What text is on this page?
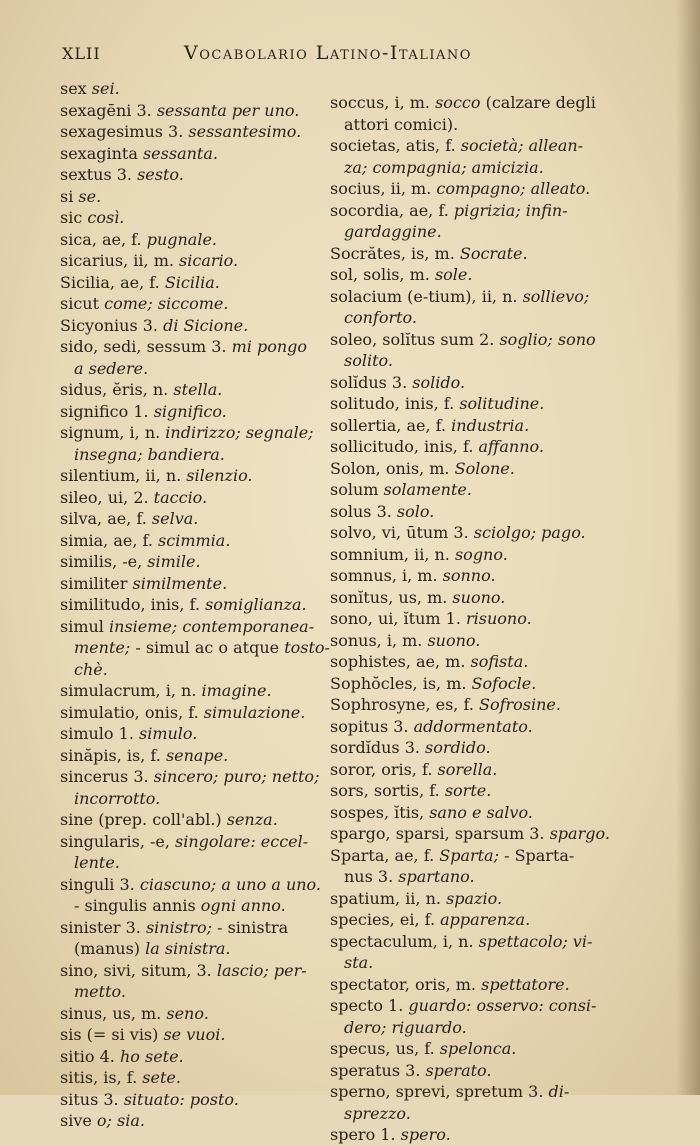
XLII	Vocabolario Latino-Italiano
sex sei.
sexagēni 3. sessanta per uno.
sexagesimus 3. sessantesimo.
sexaginta sessanta.
sextus 3. sesto.
si se.
sic così.
sica, ae, f. pugnale.
sicarius, ii, m. sicario.
Sicilia, ae, f. Sicilia.
sicut come; siccome.
Sicyonius 3. di Sicione.
sido, sedi, sessum 3. mi pongo
a sedere.
sidus, ĕris, n. stella.
significo 1. significo.
signum, i, n. indirizzo; segnale;
insegna; bandiera.
silentium, ii, n. silenzio.
sileo, ui, 2. taccio.
silva, ae, f. selva.
simia, ae, f. scimmia.
similis, -e, simile.
similiter similmente.
similitudo, inis, f. somiglianza.
simul insieme; contemporanea-
mente; - simul ac o atque tosto-
chè.
simulacrum, i, n. imagine.
simulatio, onis, f. simulazione.
simulo 1. simulo.
sinăpis, is, f. senape.
sincerus 3. sincero; puro; netto;
incorrotto.
sine (prep. coll'abl.) senza.
singularis, -e, singolare: eccel-
lente.
singuli 3. ciascuno; a uno a uno.
- singulis annis ogni anno.
sinister 3. sinistro; - sinistra
(manus) la sinistra.
sino, sivi, situm, 3. lascio; per-
metto.
sinus, us, m. seno.
sis (= si vis) se vuoi.
sitio 4. ho sete.
sitis, is, f. sete.
situs 3. situato: posto.
sive o; sia.
soccus, i, m. socco (calzare degli
attori comici).
societas, atis, f. società; allean-
za; compagnia; amicizia.
socius, ii, m. compagno; alleato.
socordia, ae, f. pigrizia; infin-
gardaggine.
Socrătes, is, m. Socrate.
sol, solis, m. sole.
solacium (e-tium), ii, n. sollievo;
conforto.
soleo, solĭtus sum 2. soglio; sono
solito.
solĭdus 3. solido.
solitudo, inis, f. solitudine.
sollertia, ae, f. industria.
sollicitudo, inis, f. affanno.
Solon, onis, m. Solone.
solum solamente.
solus 3. solo.
solvo, vi, ūtum 3. sciolgo; pago.
somnium, ii, n. sogno.
somnus, i, m. sonno.
sonĭtus, us, m. suono.
sono, ui, ĭtum 1. risuono.
sonus, i, m. suono.
sophistes, ae, m. sofista.
Sophŏcles, is, m. Sofocle.
Sophrosyne, es, f. Sofrosine.
sopitus 3. addormentato.
sordĭdus 3. sordido.
soror, oris, f. sorella.
sors, sortis, f. sorte.
sospes, ĭtis, sano e salvo.
spargo, sparsi, sparsum 3. spargo.
Sparta, ae, f. Sparta; - Sparta-
nus 3. spartano.
spatium, ii, n. spazio.
species, ei, f. apparenza.
spectaculum, i, n. spettacolo; vi-
sta.
spectator, oris, m. spettatore.
specto 1. guardo: osservo: consi-
dero; riguardo.
specus, us, f. spelonca.
speratus 3. sperato.
sperno, sprevi, spretum 3. di-
sprezzo.
spero 1. spero.
